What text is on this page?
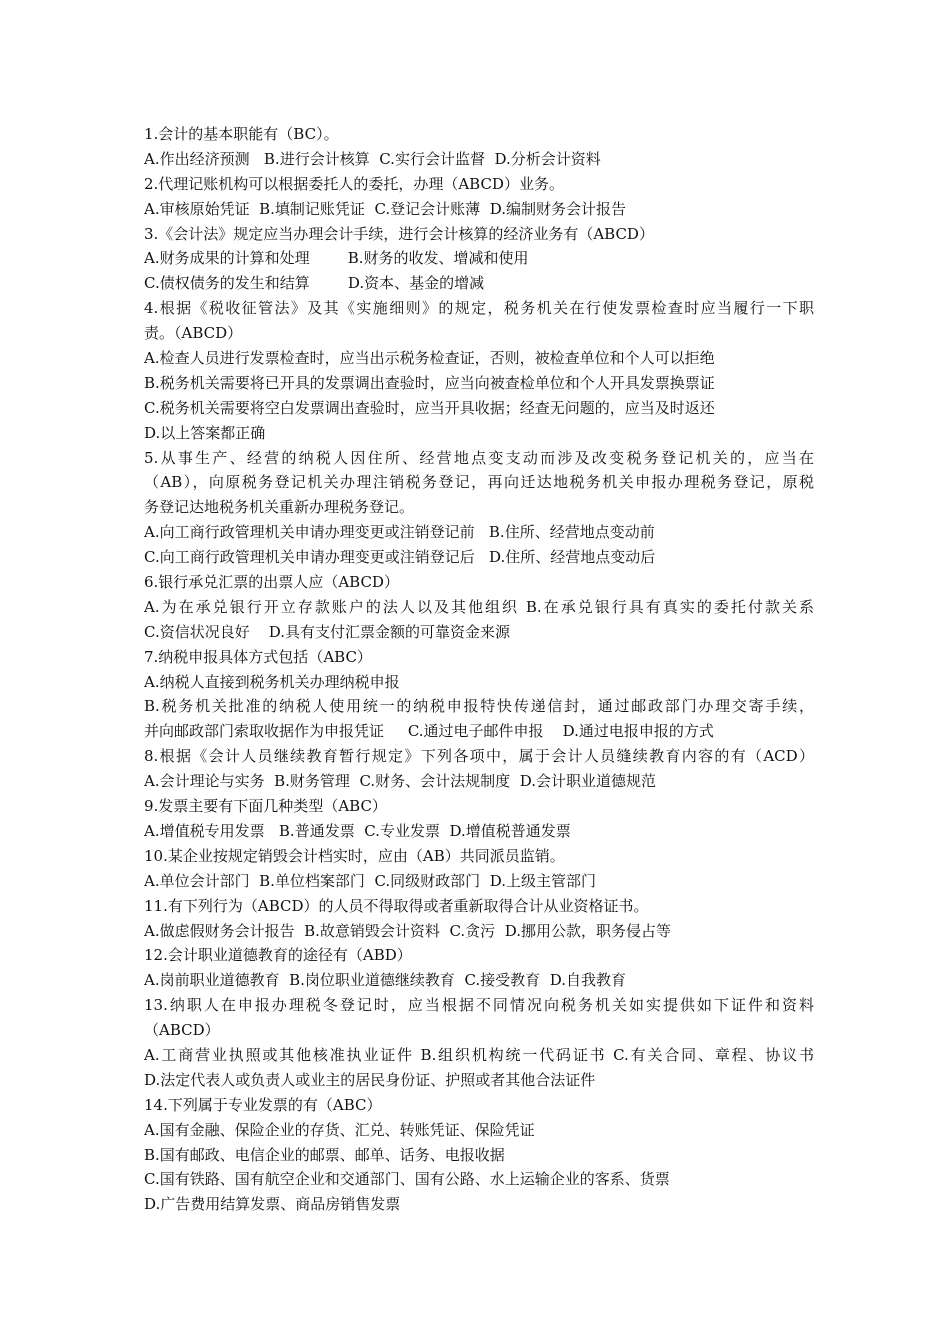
1.会计的基本职能有（BC）。
A.作出经济预测   B.进行会计核算  C.实行会计监督  D.分析会计资料
2.代理记账机构可以根据委托人的委托，办理（ABCD）业务。
A.审核原始凭证  B.填制记账凭证  C.登记会计账薄  D.编制财务会计报告
3.《会计法》规定应当办理会计手续，进行会计核算的经济业务有（ABCD）
A.财务成果的计算和处理        B.财务的收发、增减和使用
C.债权债务的发生和结算        D.资本、基金的增减
4.根据《税收征管法》及其《实施细则》的规定，税务机关在行使发票检查时应当履行一下职
责。（ABCD）
A.检查人员进行发票检查时，应当出示税务检查证，否则，被检查单位和个人可以拒绝
B.税务机关需要将已开具的发票调出查验时，应当向被查检单位和个人开具发票换票证
C.税务机关需要将空白发票调出查验时，应当开具收据；经查无问题的，应当及时返还
D.以上答案都正确
5.从事生产、经营的纳税人因住所、经营地点变支动而涉及改变税务登记机关的，应当在
（AB），向原税务登记机关办理注销税务登记，再向迁达地税务机关申报办理税务登记，原税
务登记达地税务机关重新办理税务登记。
A.向工商行政管理机关申请办理变更或注销登记前   B.住所、经营地点变动前
C.向工商行政管理机关申请办理变更或注销登记后   D.住所、经营地点变动后
6.银行承兑汇票的出票人应（ABCD）
A.为在承兑银行开立存款账户的法人以及其他组织 B.在承兑银行具有真实的委托付款关系
C.资信状况良好    D.具有支付汇票金额的可靠资金来源
7.纳税申报具体方式包括（ABC）
A.纳税人直接到税务机关办理纳税申报
B.税务机关批准的纳税人使用统一的纳税申报特快传递信封，通过邮政部门办理交寄手续，
并向邮政部门索取收据作为申报凭证     C.通过电子邮件申报    D.通过电报申报的方式
8.根据《会计人员继续教育暂行规定》下列各项中，属于会计人员缝续教育内容的有（ACD）
A.会计理论与实务  B.财务管理  C.财务、会计法规制度  D.会计职业道德规范
9.发票主要有下面几种类型（ABC）
A.增值税专用发票   B.普通发票  C.专业发票  D.增值税普通发票
10.某企业按规定销毁会计档实时，应由（AB）共同派员监销。
A.单位会计部门  B.单位档案部门  C.同级财政部门  D.上级主管部门
11.有下列行为（ABCD）的人员不得取得或者重新取得合计从业资格证书。
A.做虑假财务会计报告  B.故意销毁会计资料  C.贪污  D.挪用公款，职务侵占等
12.会计职业道德教育的途径有（ABD）
A.岗前职业道德教育  B.岗位职业道德继续教育  C.接受教育  D.自我教育
13.纳职人在申报办理税冬登记时，应当根据不同情况向税务机关如实提供如下证件和资料
（ABCD）
A.工商营业执照或其他核准执业证件 B.组织机构统一代码证书 C.有关合同、章程、协议书
D.法定代表人或负责人或业主的居民身份证、护照或者其他合法证件
14.下列属于专业发票的有（ABC）
A.国有金融、保险企业的存货、汇兑、转账凭证、保险凭证
B.国有邮政、电信企业的邮票、邮单、话务、电报收据
C.国有铁路、国有航空企业和交通部门、国有公路、水上运输企业的客系、货票
D.广告费用结算发票、商品房销售发票
